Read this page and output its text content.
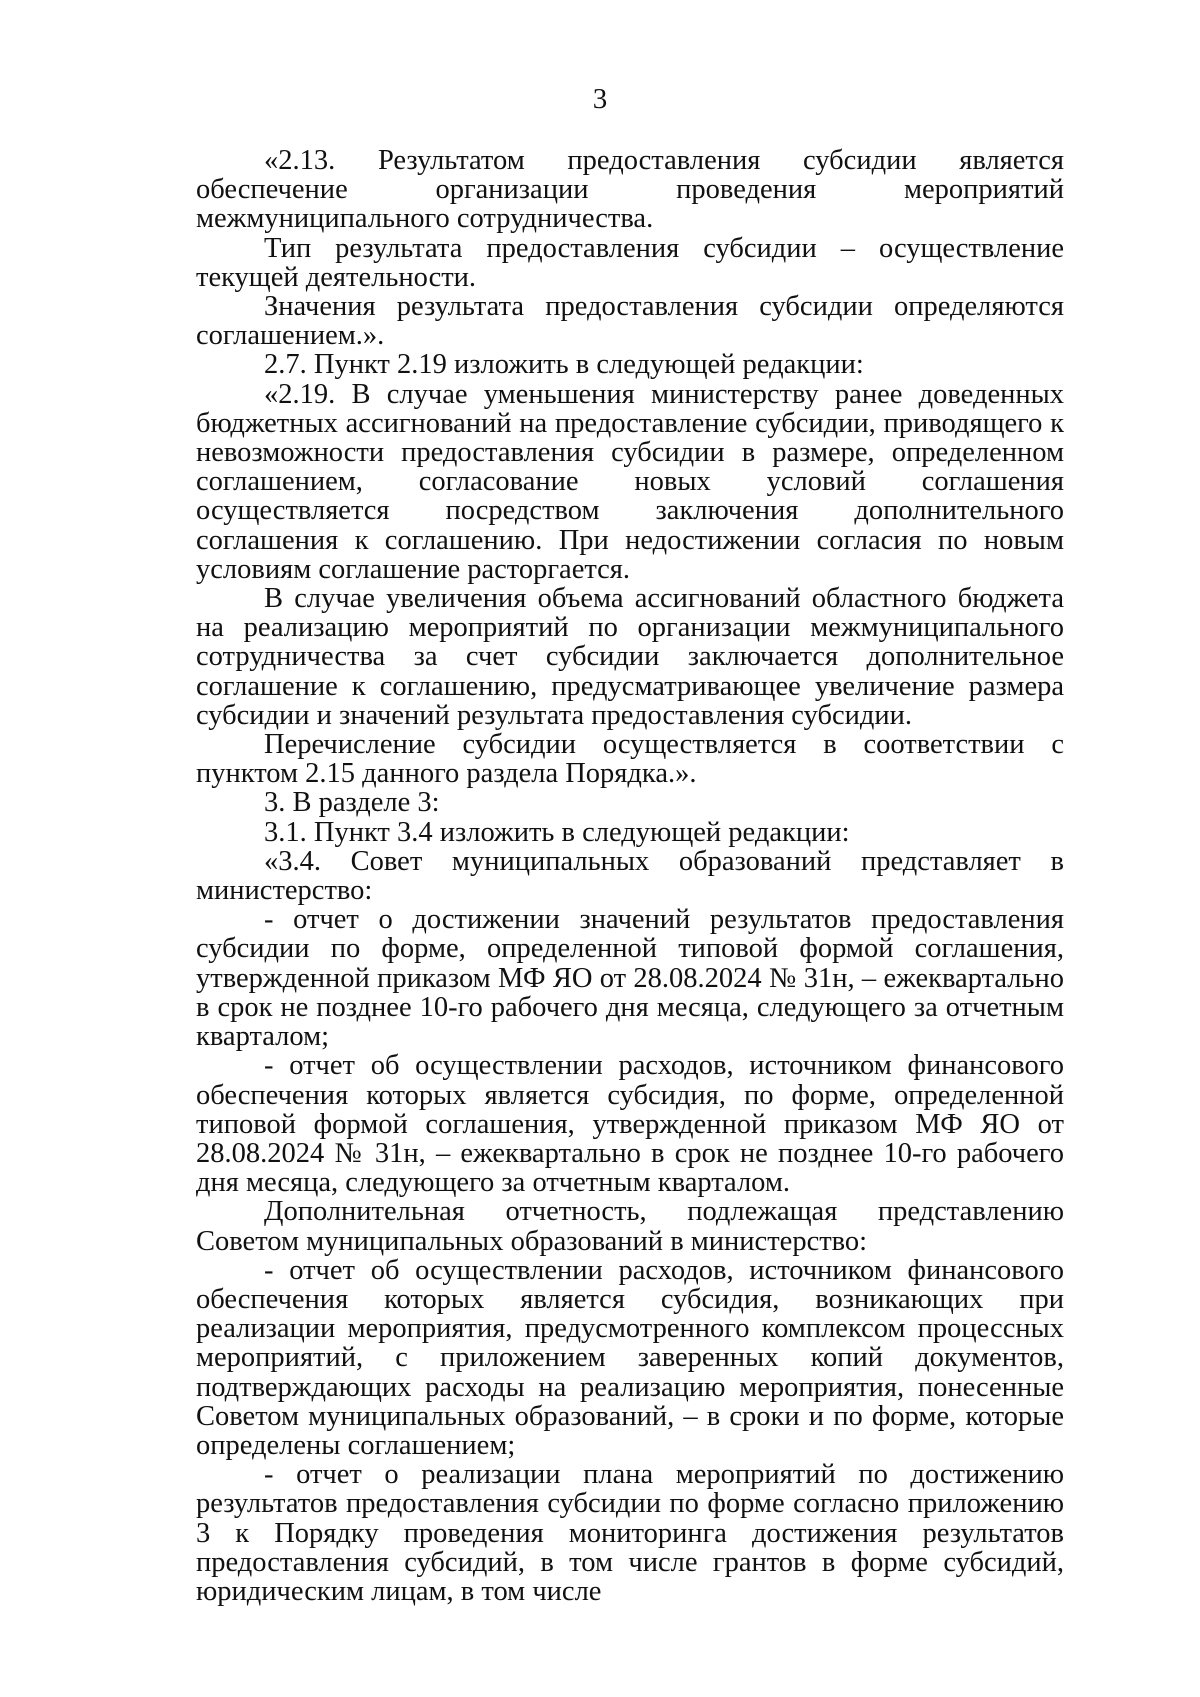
3

«2.13. Результатом предоставления субсидии является обеспечение организации проведения мероприятий межмуниципального сотрудничества.

Тип результата предоставления субсидии – осуществление текущей деятельности.

Значения результата предоставления субсидии определяются соглашением.».

2.7. Пункт 2.19 изложить в следующей редакции:

«2.19. В случае уменьшения министерству ранее доведенных бюджетных ассигнований на предоставление субсидии, приводящего к невозможности предоставления субсидии в размере, определенном соглашением, согласование новых условий соглашения осуществляется посредством заключения дополнительного соглашения к соглашению. При недостижении согласия по новым условиям соглашение расторгается.

В случае увеличения объема ассигнований областного бюджета на реализацию мероприятий по организации межмуниципального сотрудничества за счет субсидии заключается дополнительное соглашение к соглашению, предусматривающее увеличение размера субсидии и значений результата предоставления субсидии.

Перечисление субсидии осуществляется в соответствии с пунктом 2.15 данного раздела Порядка.».

3. В разделе 3:

3.1. Пункт 3.4 изложить в следующей редакции:

«3.4. Совет муниципальных образований представляет в министерство:

- отчет о достижении значений результатов предоставления субсидии по форме, определенной типовой формой соглашения, утвержденной приказом МФ ЯО от 28.08.2024 № 31н, – ежеквартально в срок не позднее 10-го рабочего дня месяца, следующего за отчетным кварталом;

- отчет об осуществлении расходов, источником финансового обеспечения которых является субсидия, по форме, определенной типовой формой соглашения, утвержденной приказом МФ ЯО от 28.08.2024 № 31н, – ежеквартально в срок не позднее 10-го рабочего дня месяца, следующего за отчетным кварталом.

Дополнительная отчетность, подлежащая представлению Советом муниципальных образований в министерство:

- отчет об осуществлении расходов, источником финансового обеспечения которых является субсидия, возникающих при реализации мероприятия, предусмотренного комплексом процессных мероприятий, с приложением заверенных копий документов, подтверждающих расходы на реализацию мероприятия, понесенные Советом муниципальных образований, – в сроки и по форме, которые определены соглашением;

- отчет о реализации плана мероприятий по достижению результатов предоставления субсидии по форме согласно приложению 3 к Порядку проведения мониторинга достижения результатов предоставления субсидий, в том числе грантов в форме субсидий, юридическим лицам, в том числе
